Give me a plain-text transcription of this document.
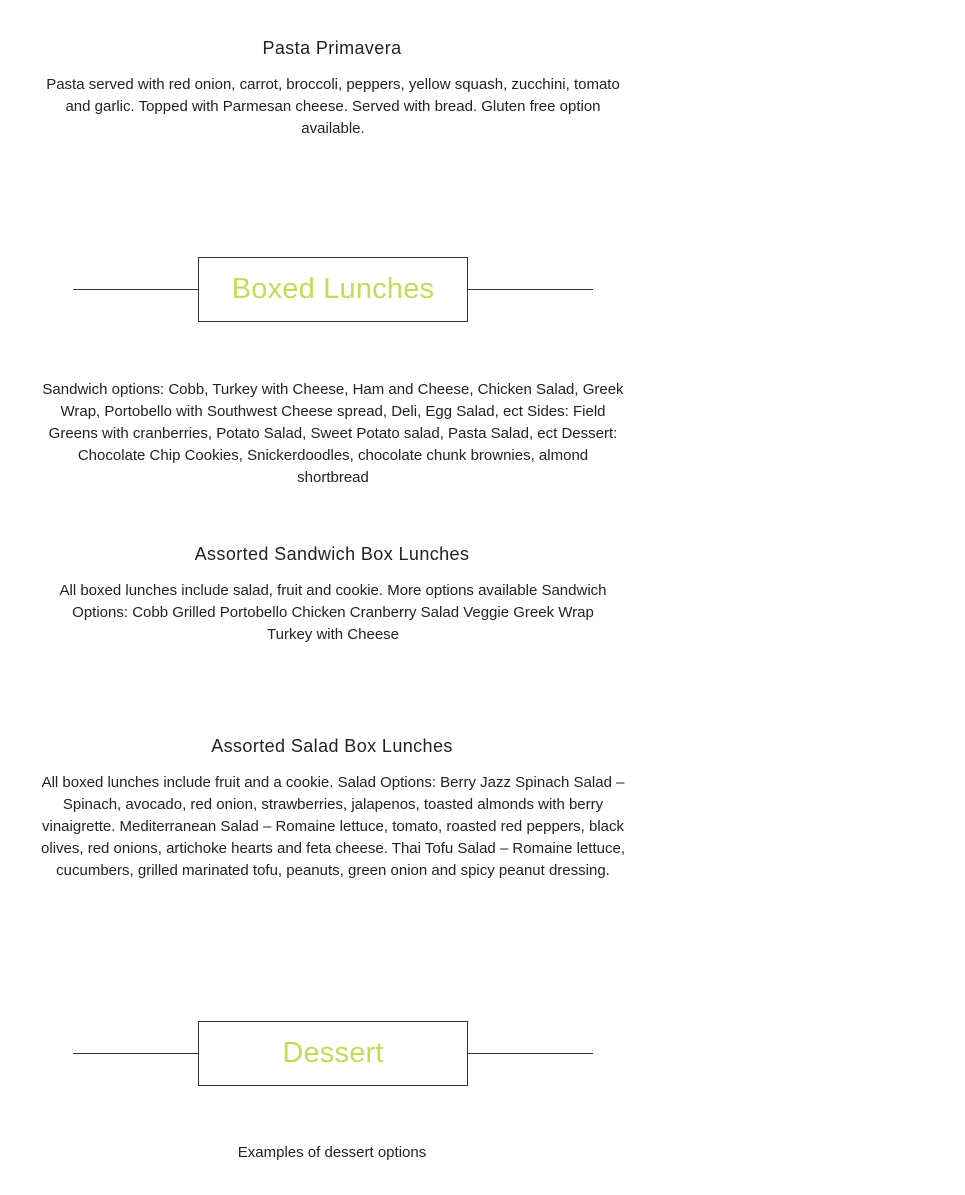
Pasta Primavera

Pasta served with red onion, carrot, broccoli, peppers, yellow squash, zucchini, tomato and garlic. Topped with Parmesan cheese. Served with bread. Gluten free option available.

Boxed Lunches

Sandwich options: Cobb, Turkey with Cheese, Ham and Cheese, Chicken Salad, Greek Wrap, Portobello with Southwest Cheese spread, Deli, Egg Salad, ect Sides: Field Greens with cranberries, Potato Salad, Sweet Potato salad, Pasta Salad, ect Dessert: Chocolate Chip Cookies, Snickerdoodles, chocolate chunk brownies, almond shortbread

Assorted Sandwich Box Lunches

All boxed lunches include salad, fruit and cookie. More options available Sandwich Options: Cobb Grilled Portobello Chicken Cranberry Salad Veggie Greek Wrap Turkey with Cheese

Assorted Salad Box Lunches

All boxed lunches include fruit and a cookie. Salad Options: Berry Jazz Spinach Salad – Spinach, avocado, red onion, strawberries, jalapenos, toasted almonds with berry vinaigrette. Mediterranean Salad – Romaine lettuce, tomato, roasted red peppers, black olives, red onions, artichoke hearts and feta cheese. Thai Tofu Salad – Romaine lettuce, cucumbers, grilled marinated tofu, peanuts, green onion and spicy peanut dressing.

Dessert

Examples of dessert options
